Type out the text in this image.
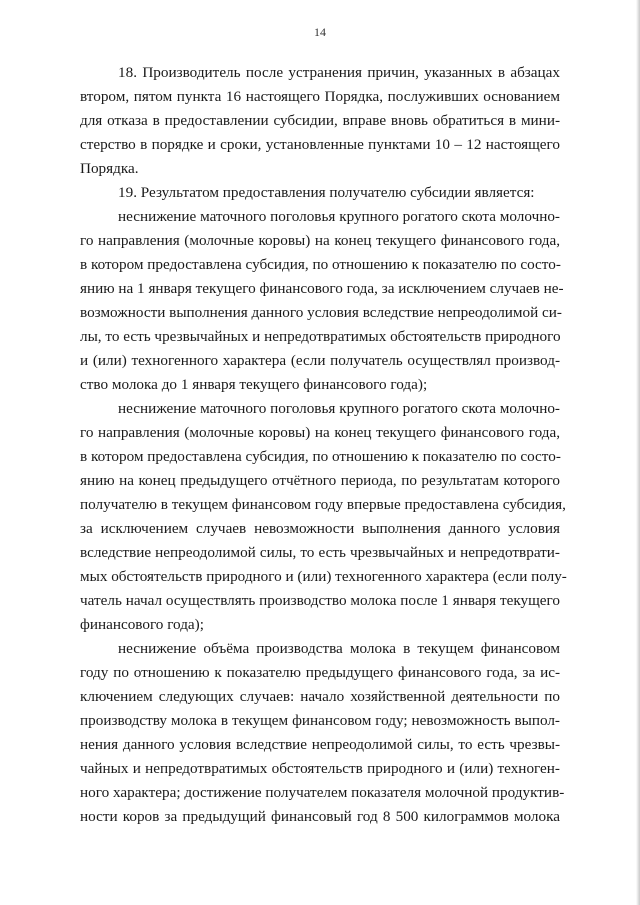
14
18. Производитель после устранения причин, указанных в абзацах
втором, пятом пункта 16 настоящего Порядка, послуживших основанием
для отказа в предоставлении субсидии, вправе вновь обратиться в мини-
стерство в порядке и сроки, установленные пунктами 10 – 12 настоящего
Порядка.
19. Результатом предоставления получателю субсидии является:
неснижение маточного поголовья крупного рогатого скота молочно-
го направления (молочные коровы) на конец текущего финансового года,
в котором предоставлена субсидия, по отношению к показателю по состо-
янию на 1 января текущего финансового года, за исключением случаев не-
возможности выполнения данного условия вследствие непреодолимой си-
лы, то есть чрезвычайных и непредотвратимых обстоятельств природного
и (или) техногенного характера (если получатель осуществлял производ-
ство молока до 1 января текущего финансового года);
неснижение маточного поголовья крупного рогатого скота молочно-
го направления (молочные коровы) на конец текущего финансового года,
в котором предоставлена субсидия, по отношению к показателю по состо-
янию на конец предыдущего отчётного периода, по результатам которого
получателю в текущем финансовом году впервые предоставлена субсидия,
за исключением случаев невозможности выполнения данного условия
вследствие непреодолимой силы, то есть чрезвычайных и непредотврати-
мых обстоятельств природного и (или) техногенного характера (если полу-
чатель начал осуществлять производство молока после 1 января текущего
финансового года);
неснижение объёма производства молока в текущем финансовом
году по отношению к показателю предыдущего финансового года, за ис-
ключением следующих случаев: начало хозяйственной деятельности по
производству молока в текущем финансовом году; невозможность выпол-
нения данного условия вследствие непреодолимой силы, то есть чрезвы-
чайных и непредотвратимых обстоятельств природного и (или) техноген-
ного характера; достижение получателем показателя молочной продуктив-
ности коров за предыдущий финансовый год 8 500 килограммов молока
